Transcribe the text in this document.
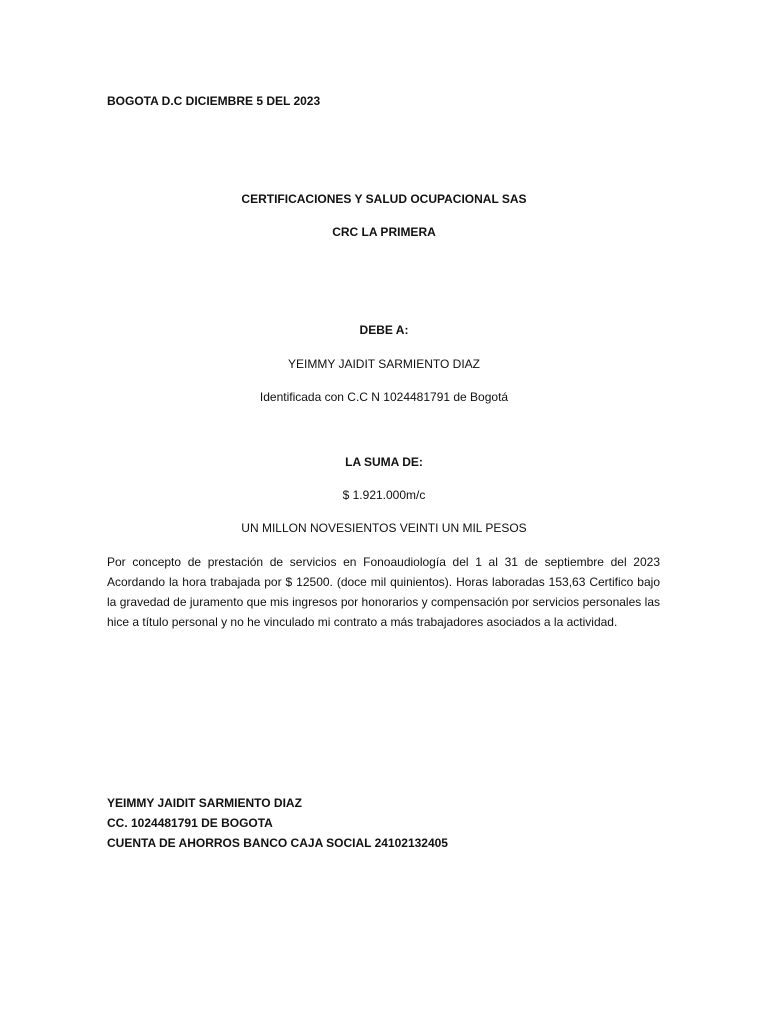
BOGOTA D.C DICIEMBRE 5 DEL 2023
CERTIFICACIONES Y SALUD OCUPACIONAL SAS
CRC LA PRIMERA
DEBE A:
YEIMMY JAIDIT SARMIENTO DIAZ
Identificada con C.C N 1024481791 de Bogotá
LA SUMA DE:
$ 1.921.000m/c
UN MILLON NOVESIENTOS VEINTI UN MIL PESOS
Por concepto de prestación de servicios en Fonoaudiología del 1 al 31 de septiembre del 2023 Acordando la hora trabajada por $ 12500. (doce mil quinientos). Horas laboradas 153,63 Certifico bajo la gravedad de juramento que mis ingresos por honorarios y compensación por servicios personales las hice a título personal y no he vinculado mi contrato a más trabajadores asociados a la actividad.
YEIMMY JAIDIT SARMIENTO DIAZ
CC. 1024481791 DE BOGOTA
CUENTA DE AHORROS BANCO CAJA SOCIAL 24102132405
